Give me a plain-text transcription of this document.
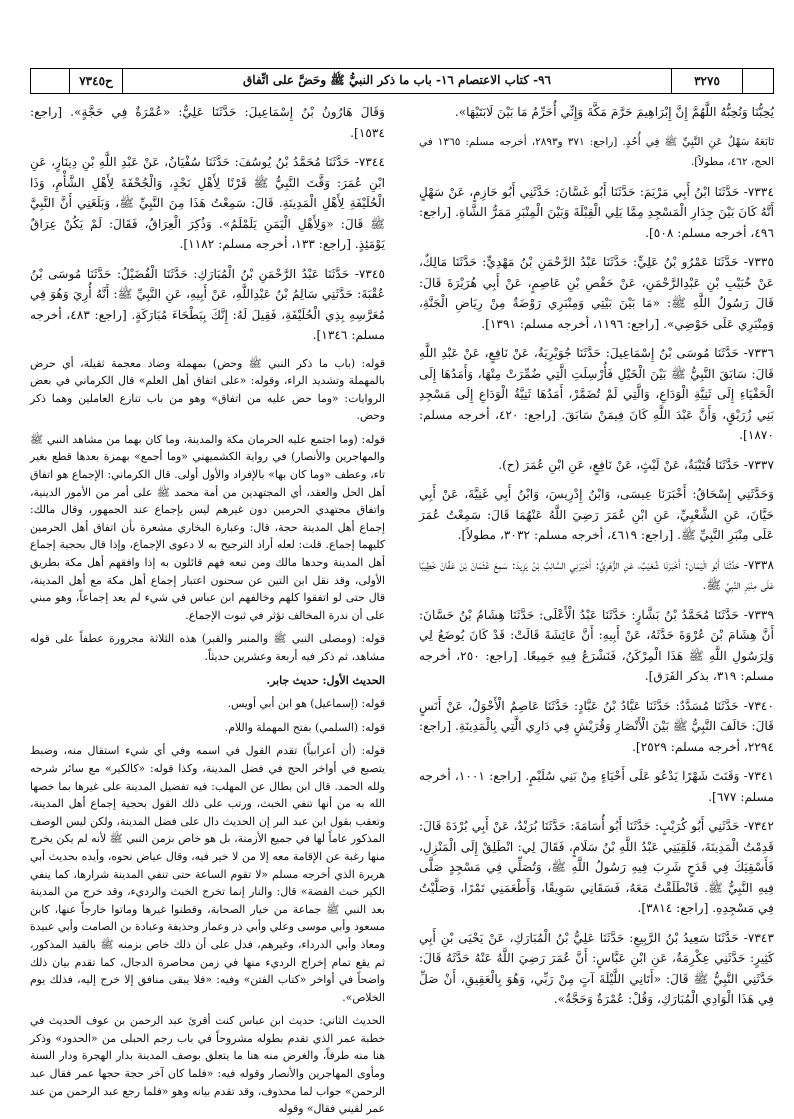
ح٧٣٤٥	٩٦- كتاب الاعتصام ١٦- باب ما ذكر النبيُّ ﷺ وحَضَّ على اتِّفاق	٣٢٧٥

يُحِبُّنَا وَنُحِبُّهُ اللَّهُمَّ إِنَّ إِبْرَاهِيمَ حَرَّمَ مَكَّةَ وَإِنِّي أُحَرِّمُ مَا بَيْنَ لَابَتَيْهَا».

تَابَعَهُ سَهْلٌ عَنِ النَّبِيِّ ﷺ فِي أُحُدٍ. [راجع: ٣٧١ و٢٨٩٣، أخرجه مسلم: ١٣٦٥ في الحج، ٤٦٢، مطولاً].

٧٣٣٤- حَدَّثَنَا ابْنُ أَبِي مَرْيَمَ: حَدَّثَنَا أَبُو غَسَّانَ: حَدَّثَنِي أَبُو حَازِمٍ، عَنْ سَهْلٍ أَنَّهُ كَانَ بَيْنَ جِدَارِ الْمَسْجِدِ مِمَّا يَلِي الْقِبْلَةَ وَبَيْنَ الْمِنْبَرِ مَمَرُّ الشَّاةِ. [راجع: ٤٩٦، أخرجه مسلم: ٥٠٨].

٧٣٣٥- حَدَّثَنَا عَمْرُو بْنُ عَلِيٍّ: حَدَّثَنَا عَبْدُ الرَّحْمَنِ بْنُ مَهْدِيٍّ: حَدَّثَنَا مَالِكٌ، عَنْ خُبَيْبِ بْنِ عَبْدِالرَّحْمَنِ، عَنْ حَفْصِ بْنِ عَاصِمٍ، عَنْ أَبِي هُرَيْرَةَ قَالَ: قَالَ رَسُولُ اللَّهِ ﷺ: «مَا بَيْنَ بَيْتِي وَمِنْبَرِي رَوْضَةٌ مِنْ رِيَاضِ الْجَنَّةِ، وَمِنْبَرِي عَلَى حَوْضِي». [راجع: ١١٩٦، أخرجه مسلم: ١٣٩١].

٧٣٣٦- حَدَّثَنَا مُوسَى بْنُ إِسْمَاعِيلَ: حَدَّثَنَا جُوَيْرِيَةُ، عَنْ نَافِعٍ، عَنْ عَبْدِ اللَّهِ قَالَ: سَابَقَ النَّبِيُّ ﷺ بَيْنَ الْخَيْلِ فَأُرْسِلَتِ الَّتِي ضُمِّرَتْ مِنْهَا، وَأَمَدُهَا إِلَى الْحَفْيَاءِ إِلَى ثَنِيَّةِ الْوَدَاعِ، وَالَّتِي لَمْ تُضَمَّرْ، أَمَدُهَا ثَنِيَّةُ الْوَدَاعِ إِلَى مَسْجِدِ بَنِي زُرَيْقٍ، وَأَنَّ عَبْدَ اللَّهِ كَانَ فِيمَنْ سَابَقَ. [راجع: ٤٢٠، أخرجه مسلم: ١٨٧٠].

٧٣٣٧- حَدَّثَنَا قُتَيْبَةُ، عَنْ لَيْثٍ، عَنْ نَافِعٍ، عَنِ ابْنِ عُمَرَ (ح).

وَحَدَّثَنِي إِسْحَاقُ: أَخْبَرَنَا عِيسَى، وَابْنُ إِدْرِيسَ، وَابْنُ أَبِي غَنِيَّةَ، عَنْ أَبِي حَيَّانَ، عَنِ الشَّعْبِيِّ، عَنِ ابْنِ عُمَرَ رَضِيَ اللَّهُ عَنْهُمَا قَالَ: سَمِعْتُ عُمَرَ عَلَى مِنْبَرِ النَّبِيِّ ﷺ. [راجع: ٤٦١٩، أخرجه مسلم: ٣٠٣٢، مطولاً].

٧٣٣٨- حَدَّثَنَا أَبُو الْيَمَانِ: أَخْبَرَنَا شُعَيْبٌ، عَنِ الزُّهْرِيِّ: أَخْبَرَنِي السَّائِبُ بْنُ يَزِيدَ: سَمِعَ عُثْمَانَ بْنَ عَفَّانَ خَطِيبًا عَلَى مِنْبَرِ النَّبِيِّ ﷺ.

٧٣٣٩- حَدَّثَنَا مُحَمَّدُ بْنُ بَشَّارٍ: حَدَّثَنَا عَبْدُ الْأَعْلَى: حَدَّثَنَا هِشَامُ بْنُ حَسَّانَ: أَنَّ هِشَامَ بْنَ عُرْوَةَ حَدَّثَهُ، عَنْ أَبِيهِ: أَنَّ عَائِشَةَ قَالَتْ: قَدْ كَانَ يُوضَعُ لِي وَلِرَسُولِ اللَّهِ ﷺ هَذَا الْمِرْكَنُ، فَنَشْرَعُ فِيهِ جَمِيعًا. [راجع: ٢٥٠، أخرجه مسلم: ٣١٩، بذكر الفَرَق].

٧٣٤٠- حَدَّثَنَا مُسَدَّدٌ: حَدَّثَنَا عَبَّادُ بْنُ عَبَّادٍ: حَدَّثَنَا عَاصِمٌ الْأَحْوَلُ، عَنْ أَنَسٍ قَالَ: حَالَفَ النَّبِيُّ ﷺ بَيْنَ الْأَنْصَارِ وَقُرَيْشٍ فِي دَارِي الَّتِي بِالْمَدِينَةِ. [راجع: ٢٢٩٤، أخرجه مسلم: ٢٥٢٩].

٧٣٤١- وَقَنَتَ شَهْرًا يَدْعُو عَلَى أَحْيَاءٍ مِنْ بَنِي سُلَيْمٍ. [راجع: ١٠٠١، أخرجه مسلم: ٦٧٧].

٧٣٤٢- حَدَّثَنِي أَبُو كُرَيْبٍ: حَدَّثَنَا أَبُو أُسَامَةَ: حَدَّثَنَا بُرَيْدٌ، عَنْ أَبِي بُرْدَةَ قَالَ: قَدِمْتُ الْمَدِينَةَ، فَلَقِيَنِي عَبْدُ اللَّهِ بْنُ سَلَامٍ، فَقَالَ لِي: انْطَلِقْ إِلَى الْمَنْزِلِ، فَأَسْقِيَكَ فِي قَدَحٍ شَرِبَ فِيهِ رَسُولُ اللَّهِ ﷺ، وَتُصَلِّي فِي مَسْجِدٍ صَلَّى فِيهِ النَّبِيُّ ﷺ. فَانْطَلَقْتُ مَعَهُ، فَسَقَانِي سَوِيقًا، وَأَطْعَمَنِي تَمْرًا، وَصَلَّيْتُ فِي مَسْجِدِهِ. [راجع: ٣٨١٤].

٧٣٤٣- حَدَّثَنَا سَعِيدُ بْنُ الرَّبِيعِ: حَدَّثَنَا عَلِيُّ بْنُ الْمُبَارَكِ، عَنْ يَحْيَى بْنِ أَبِي كَثِيرٍ: حَدَّثَنِي عِكْرِمَةُ، عَنِ ابْنِ عَبَّاسٍ: أَنَّ عُمَرَ رَضِيَ اللَّهُ عَنْهُ حَدَّثَهُ قَالَ: حَدَّثَنِي النَّبِيُّ ﷺ قَالَ: «أَتَانِي اللَّيْلَةَ آتٍ مِنْ رَبِّي، وَهُوَ بِالْعَقِيقِ، أَنْ صَلِّ فِي هَذَا الْوَادِي الْمُبَارَكِ، وَقُلْ: عُمْرَةٌ وَحَجَّةٌ».

وَقَالَ هَارُونُ بْنُ إِسْمَاعِيلَ: حَدَّثَنَا عَلِيٌّ: «عُمْرَةٌ فِي حَجَّةٍ». [راجع: ١٥٣٤].

٧٣٤٤- حَدَّثَنَا مُحَمَّدُ بْنُ يُوسُفَ: حَدَّثَنَا سُفْيَانُ، عَنْ عَبْدِ اللَّهِ بْنِ دِينَارٍ، عَنِ ابْنِ عُمَرَ: وَقَّتَ النَّبِيُّ ﷺ قَرْنًا لِأَهْلِ نَجْدٍ، وَالْجُحْفَةَ لِأَهْلِ الشَّأْمِ، وَذَا الْحُلَيْفَةِ لِأَهْلِ الْمَدِينَةِ. قَالَ: سَمِعْتُ هَذَا مِنَ النَّبِيِّ ﷺ، وَبَلَغَنِي أَنَّ النَّبِيَّ ﷺ قَالَ: «وَلِأَهْلِ الْيَمَنِ يَلَمْلَمُ». وَذُكِرَ الْعِرَاقُ، فَقَالَ: لَمْ يَكُنْ عِرَاقٌ يَوْمَئِذٍ. [راجع: ١٣٣، أخرجه مسلم: ١١٨٢].

٧٣٤٥- حَدَّثَنَا عَبْدُ الرَّحْمَنِ بْنُ الْمُبَارَكِ: حَدَّثَنَا الْفُضَيْلُ: حَدَّثَنَا مُوسَى بْنُ عُقْبَةَ: حَدَّثَنِي سَالِمُ بْنُ عَبْدِاللَّهِ، عَنْ أَبِيهِ، عَنِ النَّبِيِّ ﷺ: أَنَّهُ أُرِيَ وَهُوَ فِي مُعَرَّسِهِ بِذِي الْحُلَيْفَةِ، فَقِيلَ لَهُ: إِنَّكَ بِبَطْحَاءَ مُبَارَكَةٍ. [راجع: ٤٨٣، أخرجه مسلم: ١٣٤٦].

قوله: (باب ما ذكر النبي ﷺ وحض) بمهملة وضاد معجمة ثقيلة، أي حرض بالمهملة وتشديد الراء، وقوله: «على اتفاق أهل العلم» قال الكرماني في بعض الروايات: «وما حض عليه من اتفاق» وهو من باب تنازع العاملين وهما ذكر وحض.

قوله: (وما اجتمع عليه الحرمان مكة والمدينة، وما كان بهما من مشاهد النبي ﷺ والمهاجرين والأنصار) في رواية الكشميهني «وما أجمع» بهمزة بعدها قطع بغير تاء، وعطف «وما كان بها» بالإفراد والأول أولى. قال الكرماني: الإجماع هو اتفاق أهل الحل والعقد، أي المجتهدين من أمة محمد ﷺ على أمر من الأمور الدينية، واتفاق مجتهدي الحرمين دون غيرهم ليس بإجماع عند الجمهور، وقال مالك: إجماع أهل المدينة حجة، قال: وعبارة البخاري مشعرة بأن اتفاق أهل الحرمين كليهما إجماع. قلت: لعله أراد الترجيح به لا دعوى الإجماع، وإذا قال بحجية إجماع أهل المدينة وحدها مالك ومن تبعه فهم قائلون به إذا وافقهم أهل مكة بطريق الأولى، وقد نقل ابن التين عن سحنون اعتبار إجماع أهل مكة مع أهل المدينة، قال حتى لو اتفقوا كلهم وخالفهم ابن عباس في شيء لم يعد إجماعاً، وهو مبني على أن ندرة المخالف تؤثر في ثبوت الإجماع.

قوله: (ومصلى النبي ﷺ والمنبر والقبر) هذه الثلاثة مجرورة عطفاً على قوله مشاهد، ثم ذكر فيه أربعة وعشرين حديثاً.

الحديث الأول: حديث جابر.

قوله: (إسماعيل) هو ابن أبي أويس.

قوله: (السلمي) بفتح المهملة واللام.

قوله: (أن أعرابياً) تقدم القول في اسمه وفي أي شيء استقال منه، وضبط يتصبع في أواخر الحج في فضل المدينة، وكذا قوله: «كالكير» مع سائر شرحه ولله الحمد. قال ابن بطال عن المهلب: فيه تفضيل المدينة على غيرها بما خصها الله به من أنها تنفي الخبث، ورتب على ذلك القول بحجية إجماع أهل المدينة، وتعقب بقول ابن عبد البر إن الحديث دال على فضل المدينة، ولكن ليس الوصف المذكور عاماً لها في جميع الأزمنة، بل هو خاص بزمن النبي ﷺ لأنه لم يكن يخرج منها رغبة عن الإقامة معه إلا من لا خير فيه، وقال عياض نحوه، وأيده بحديث أبي هريرة الذي أخرجه مسلم «لا تقوم الساعة حتى تنفي المدينة شرارها، كما ينفي الكير خبث الفضة» قال: والنار إنما تخرج الخبث والرديء، وقد خرج من المدينة بعد النبي ﷺ جماعة من خيار الصحابة، وقطنوا غيرها وماتوا خارجاً عنها، كابن مسعود وأبي موسى وعلي وأبي ذر وعمار وحذيفة وعبادة بن الصامت وأبي عبيدة ومعاذ وأبي الدرداء، وغيرهم، فدل على أن ذلك خاص بزمنه ﷺ بالقيد المذكور، ثم يقع تمام إخراج الرديء منها في زمن محاصرة الدجال، كما تقدم بيان ذلك واضحاً في أواخر «كتاب الفتن» وفيه: «فلا يبقى منافق إلا خرج إليه، فذلك يوم الخلاص».

الحديث الثاني: حديث ابن عباس كنت أقرئ عبد الرحمن بن عوف الحديث في خطبة عمر الذي تقدم بطوله مشروحاً في باب رجم الحبلى من «الحدود» وذكر هنا منه طرفاً، والغرض منه هنا ما يتعلق بوصف المدينة بدار الهجرة ودار السنة ومأوى المهاجرين والأنصار وقوله فيه: «فلما كان آخر حجة حجها عمر فقال عبد الرحمن» جواب لما محذوف، وقد تقدم بيانه وهو «فلما رجع عبد الرحمن من عند عمر لقيني فقال» وقوله
